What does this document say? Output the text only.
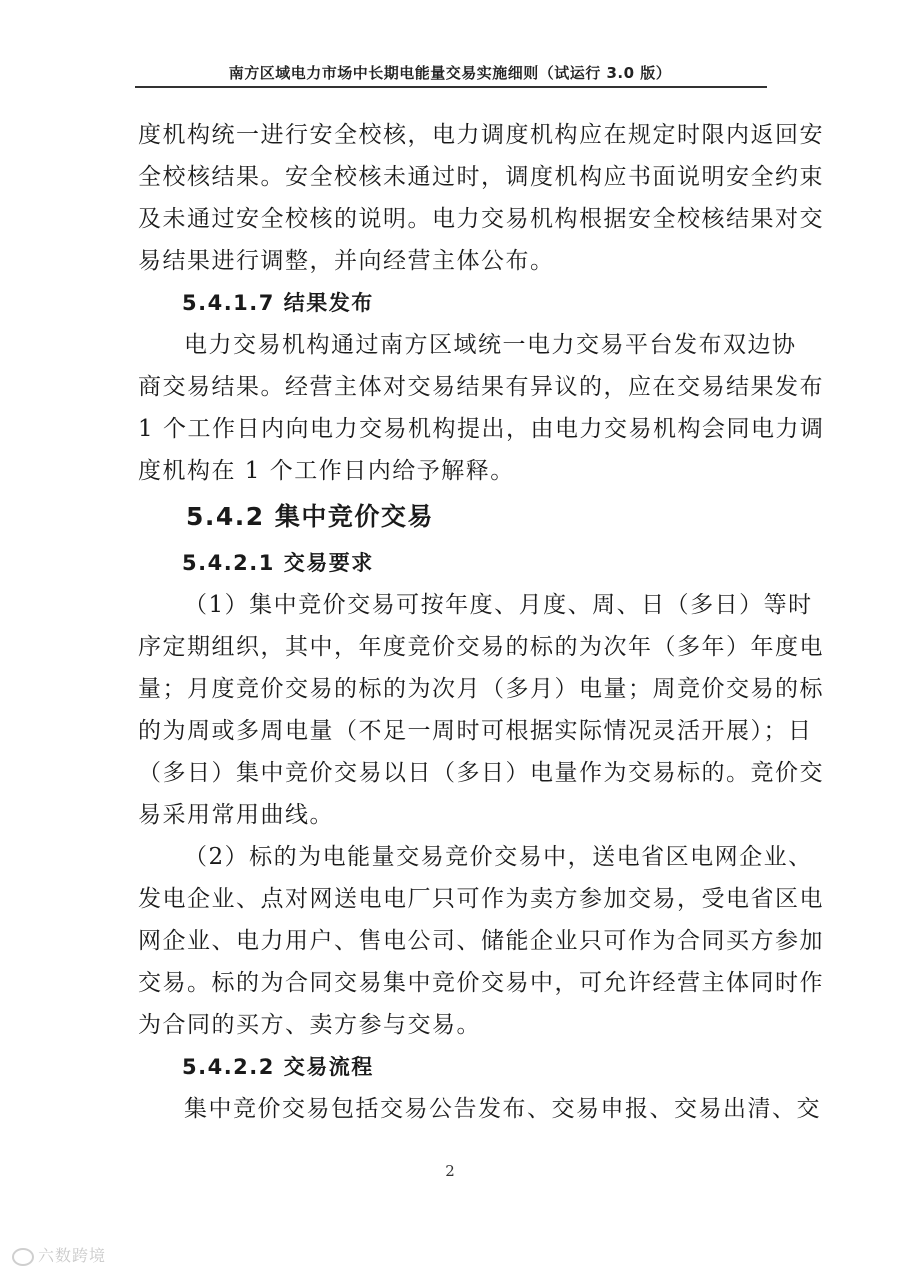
南方区域电力市场中长期电能量交易实施细则（试运行 3.0 版）
度机构统一进行安全校核，电力调度机构应在规定时限内返回安
全校核结果。安全校核未通过时，调度机构应书面说明安全约束
及未通过安全校核的说明。电力交易机构根据安全校核结果对交
易结果进行调整，并向经营主体公布。
5.4.1.7 结果发布
电力交易机构通过南方区域统一电力交易平台发布双边协
商交易结果。经营主体对交易结果有异议的，应在交易结果发布
1 个工作日内向电力交易机构提出，由电力交易机构会同电力调
度机构在 1 个工作日内给予解释。
5.4.2 集中竞价交易
5.4.2.1 交易要求
（1）集中竞价交易可按年度、月度、周、日（多日）等时
序定期组织，其中，年度竞价交易的标的为次年（多年）年度电
量；月度竞价交易的标的为次月（多月）电量；周竞价交易的标
的为周或多周电量（不足一周时可根据实际情况灵活开展）；日
（多日）集中竞价交易以日（多日）电量作为交易标的。竞价交
易采用常用曲线。
（2）标的为电能量交易竞价交易中，送电省区电网企业、
发电企业、点对网送电电厂只可作为卖方参加交易，受电省区电
网企业、电力用户、售电公司、储能企业只可作为合同买方参加
交易。标的为合同交易集中竞价交易中，可允许经营主体同时作
为合同的买方、卖方参与交易。
5.4.2.2 交易流程
集中竞价交易包括交易公告发布、交易申报、交易出清、交
2
六数跨境
